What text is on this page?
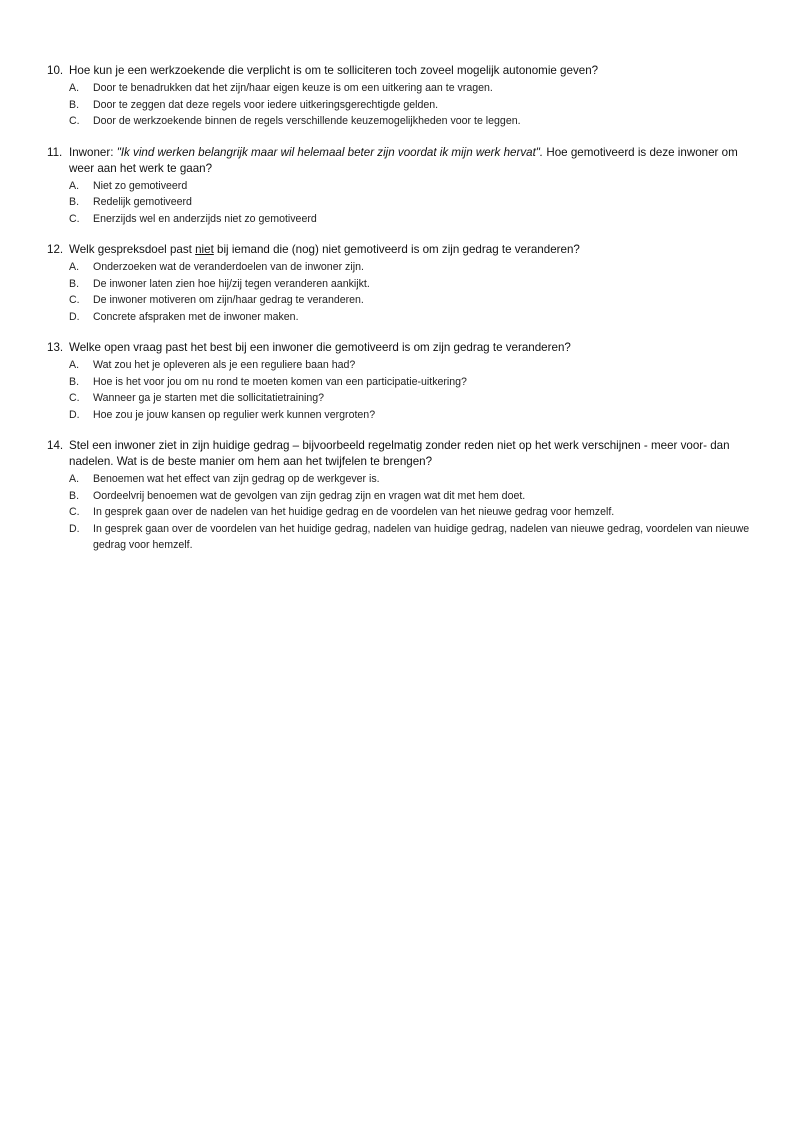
10. Hoe kun je een werkzoekende die verplicht is om te solliciteren toch zoveel mogelijk autonomie geven?
A.	Door te benadrukken dat het zijn/haar eigen keuze is om een uitkering aan te vragen.
B.	Door te zeggen dat deze regels voor iedere uitkeringsgerechtigde gelden.
C.	Door de werkzoekende binnen de regels verschillende keuzemogelijkheden voor te leggen.
11. Inwoner: "Ik vind werken belangrijk maar wil helemaal beter zijn voordat ik mijn werk hervat". Hoe gemotiveerd is deze inwoner om weer aan het werk te gaan?
A.	Niet zo gemotiveerd
B.	Redelijk gemotiveerd
C.	Enerzijds wel en anderzijds niet zo gemotiveerd
12. Welk gespreksdoel past niet bij iemand die (nog) niet gemotiveerd is om zijn gedrag te veranderen?
A.	Onderzoeken wat de veranderdoelen van de inwoner zijn.
B.	De inwoner laten zien hoe hij/zij tegen veranderen aankijkt.
C.	De inwoner motiveren om zijn/haar gedrag te veranderen.
D.	Concrete afspraken met de inwoner maken.
13. Welke open vraag past het best bij een inwoner die gemotiveerd is om zijn gedrag te veranderen?
A.	Wat zou het je opleveren als je een reguliere baan had?
B.	Hoe is het voor jou om nu rond te moeten komen van een participatie-uitkering?
C.	Wanneer ga je starten met die sollicitatietraining?
D.	Hoe zou je jouw kansen op regulier werk kunnen vergroten?
14. Stel een inwoner ziet in zijn huidige gedrag – bijvoorbeeld regelmatig zonder reden niet op het werk verschijnen - meer voor- dan nadelen. Wat is de beste manier om hem aan het twijfelen te brengen?
A.	Benoemen wat het effect van zijn gedrag op de werkgever is.
B.	Oordeelvrij benoemen wat de gevolgen van zijn gedrag zijn en vragen wat dit met hem doet.
C.	In gesprek gaan over de nadelen van het huidige gedrag en de voordelen van het nieuwe gedrag voor hemzelf.
D.	In gesprek gaan over de voordelen van het huidige gedrag, nadelen van huidige gedrag, nadelen van nieuwe gedrag, voordelen van nieuwe gedrag voor hemzelf.
